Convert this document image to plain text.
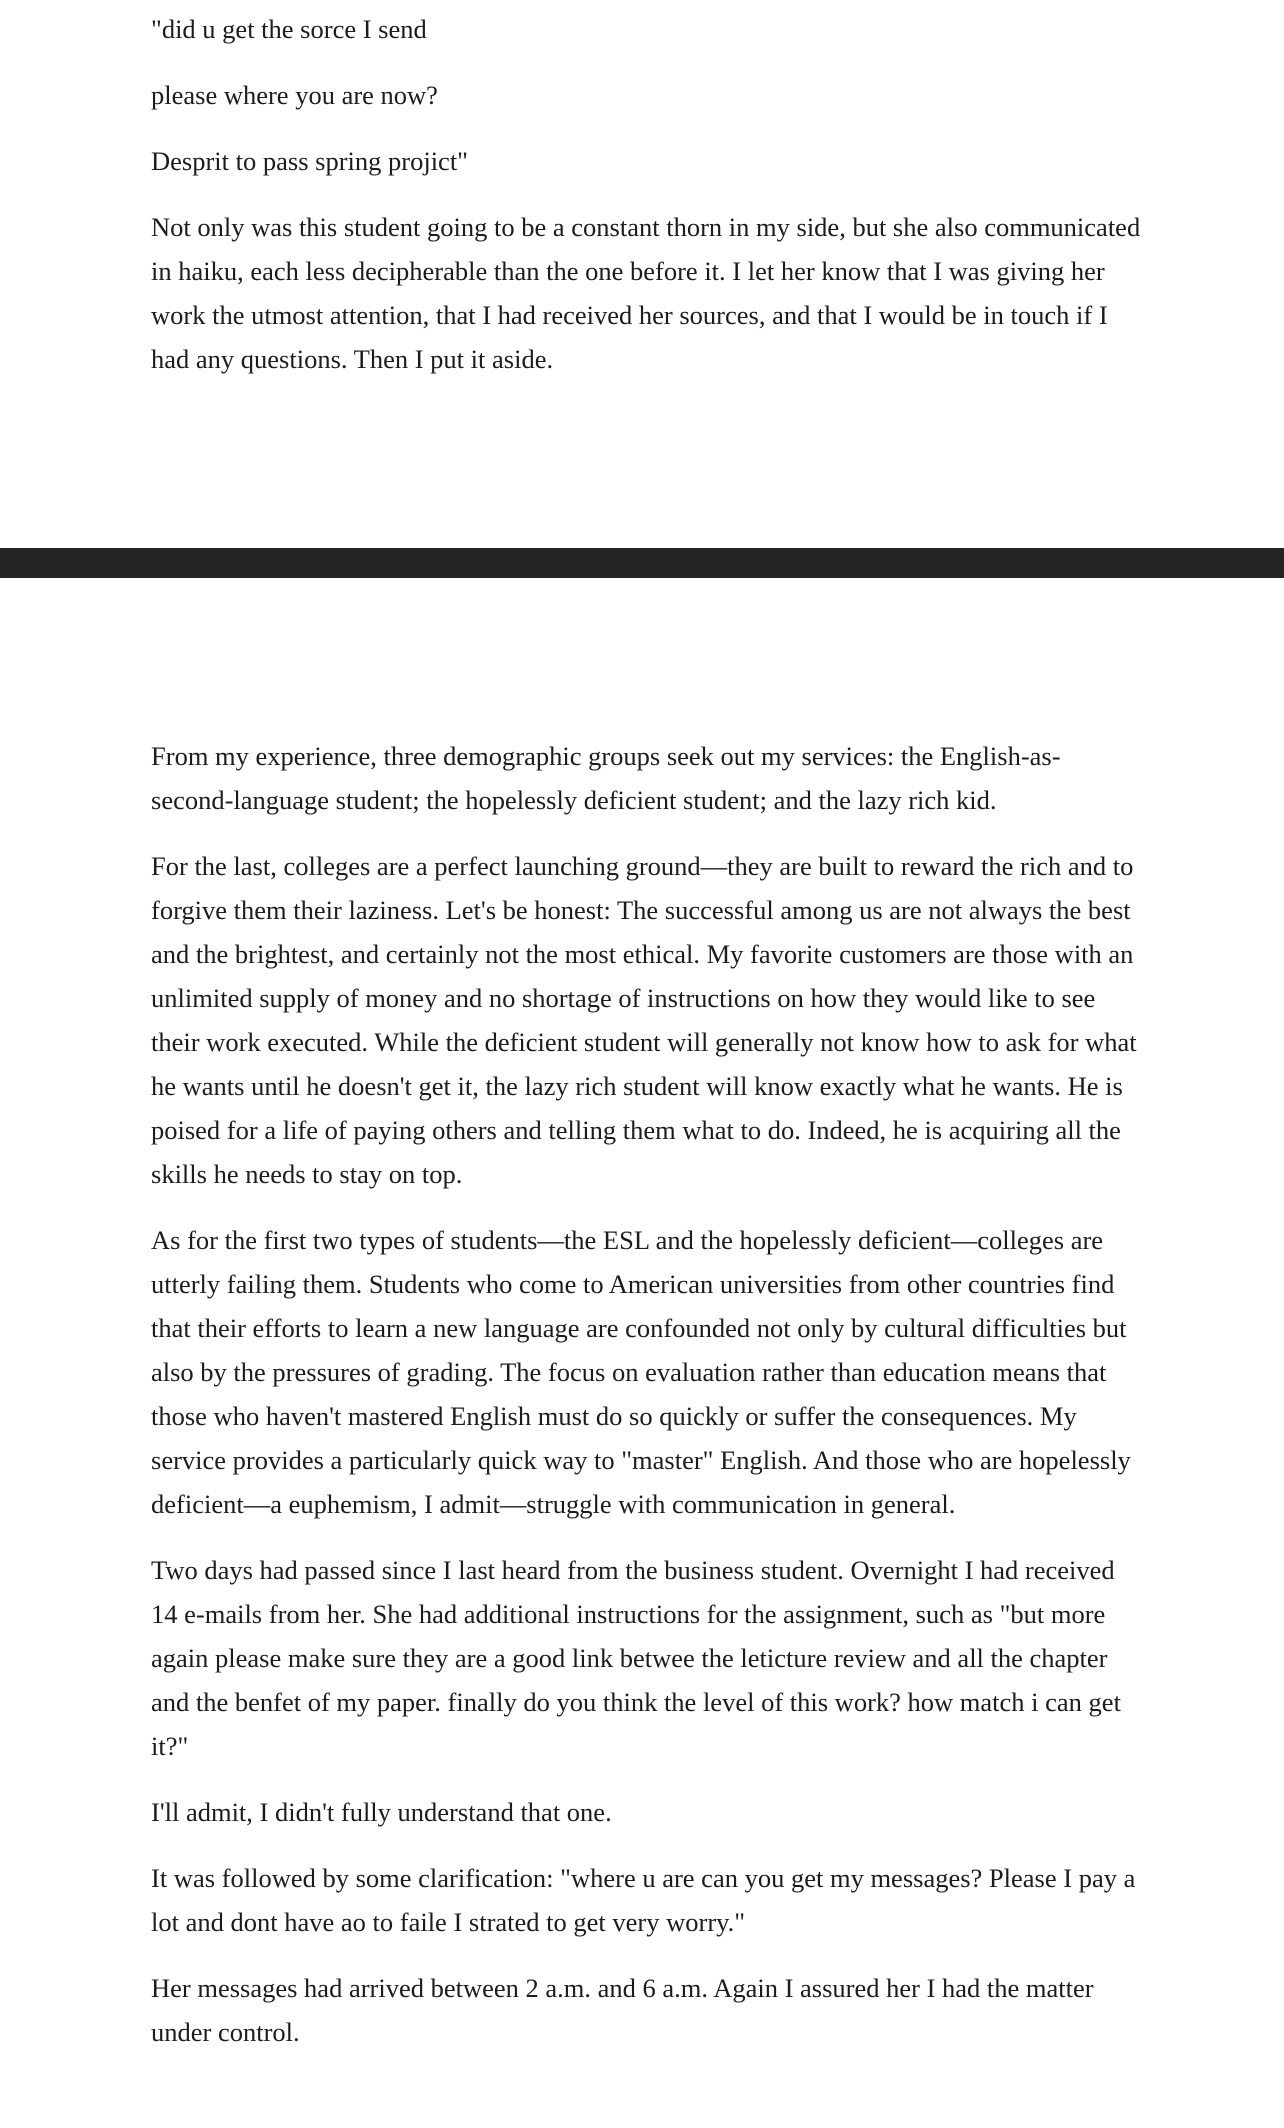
"did u get the sorce I send

please where you are now?

Desprit to pass spring projict"

Not only was this student going to be a constant thorn in my side, but she also communicated in haiku, each less decipherable than the one before it. I let her know that I was giving her work the utmost attention, that I had received her sources, and that I would be in touch if I had any questions. Then I put it aside.

From my experience, three demographic groups seek out my services: the English-as-second-language student; the hopelessly deficient student; and the lazy rich kid.

For the last, colleges are a perfect launching ground—they are built to reward the rich and to forgive them their laziness. Let's be honest: The successful among us are not always the best and the brightest, and certainly not the most ethical. My favorite customers are those with an unlimited supply of money and no shortage of instructions on how they would like to see their work executed. While the deficient student will generally not know how to ask for what he wants until he doesn't get it, the lazy rich student will know exactly what he wants. He is poised for a life of paying others and telling them what to do. Indeed, he is acquiring all the skills he needs to stay on top.

As for the first two types of students—the ESL and the hopelessly deficient—colleges are utterly failing them. Students who come to American universities from other countries find that their efforts to learn a new language are confounded not only by cultural difficulties but also by the pressures of grading. The focus on evaluation rather than education means that those who haven't mastered English must do so quickly or suffer the consequences. My service provides a particularly quick way to "master" English. And those who are hopelessly deficient—a euphemism, I admit—struggle with communication in general.

Two days had passed since I last heard from the business student. Overnight I had received 14 e-mails from her. She had additional instructions for the assignment, such as "but more again please make sure they are a good link betwee the leticture review and all the chapter and the benfet of my paper. finally do you think the level of this work? how match i can get it?"

I'll admit, I didn't fully understand that one.

It was followed by some clarification: "where u are can you get my messages? Please I pay a lot and dont have ao to faile I strated to get very worry."

Her messages had arrived between 2 a.m. and 6 a.m. Again I assured her I had the matter under control.
